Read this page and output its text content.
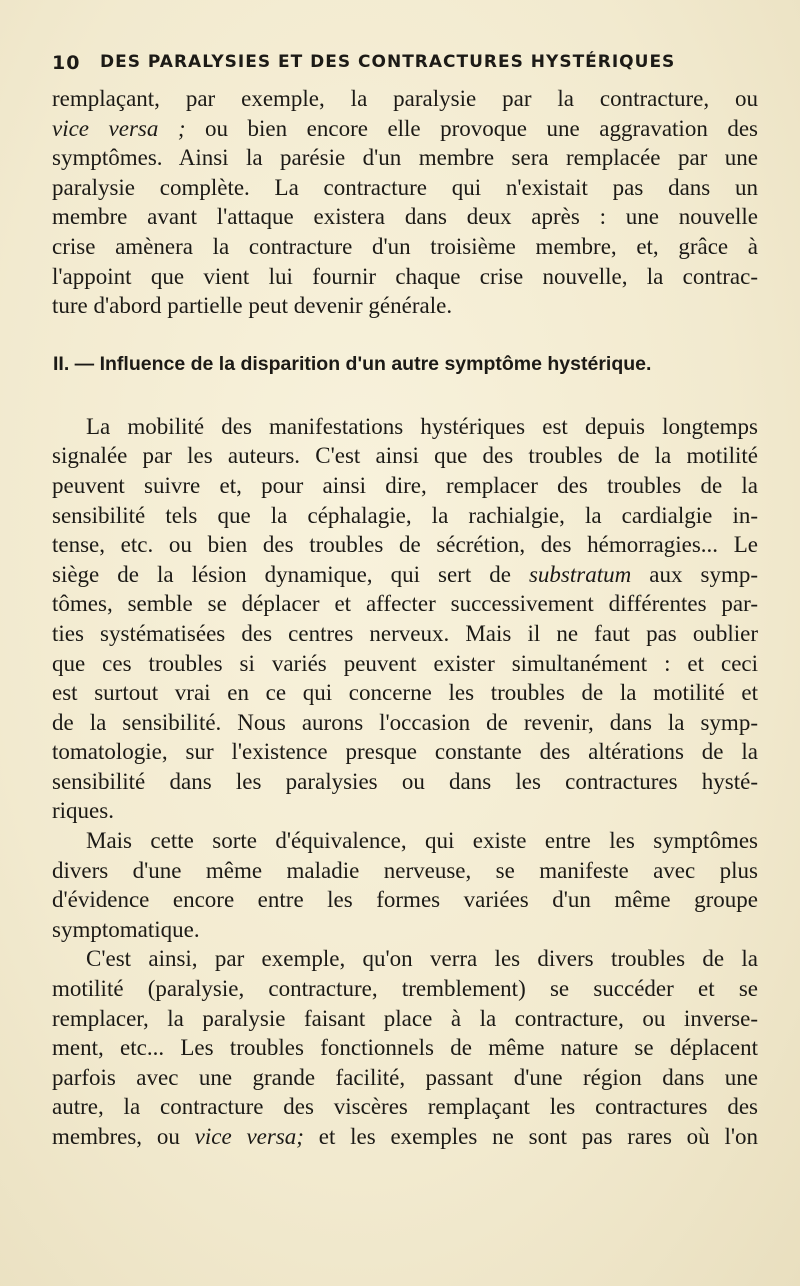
10 DES PARALYSIES ET DES CONTRACTURES HYSTÉRIQUES
remplaçant, par exemple, la paralysie par la contracture, ou
vice versa ; ou bien encore elle provoque une aggravation des
symptômes. Ainsi la parésie d'un membre sera remplacée par une
paralysie complète. La contracture qui n'existait pas dans un
membre avant l'attaque existera dans deux après : une nouvelle
crise amènera la contracture d'un troisième membre, et, grâce à
l'appoint que vient lui fournir chaque crise nouvelle, la contrac-
ture d'abord partielle peut devenir générale.
II. — Influence de la disparition d'un autre symptôme hystérique.
La mobilité des manifestations hystériques est depuis longtemps
signalée par les auteurs. C'est ainsi que des troubles de la motilité
peuvent suivre et, pour ainsi dire, remplacer des troubles de la
sensibilité tels que la céphalagie, la rachialgie, la cardialgie in-
tense, etc. ou bien des troubles de sécrétion, des hémorragies... Le
siège de la lésion dynamique, qui sert de substratum aux symp-
tômes, semble se déplacer et affecter successivement différentes par-
ties systématisées des centres nerveux. Mais il ne faut pas oublier
que ces troubles si variés peuvent exister simultanément : et ceci
est surtout vrai en ce qui concerne les troubles de la motilité et
de la sensibilité. Nous aurons l'occasion de revenir, dans la symp-
tomatologie, sur l'existence presque constante des altérations de la
sensibilité dans les paralysies ou dans les contractures hysté-
riques.
Mais cette sorte d'équivalence, qui existe entre les symptômes
divers d'une même maladie nerveuse, se manifeste avec plus
d'évidence encore entre les formes variées d'un même groupe
symptomatique.
C'est ainsi, par exemple, qu'on verra les divers troubles de la
motilité (paralysie, contracture, tremblement) se succéder et se
remplacer, la paralysie faisant place à la contracture, ou inverse-
ment, etc... Les troubles fonctionnels de même nature se déplacent
parfois avec une grande facilité, passant d'une région dans une
autre, la contracture des viscères remplaçant les contractures des
membres, ou vice versa; et les exemples ne sont pas rares où l'on
